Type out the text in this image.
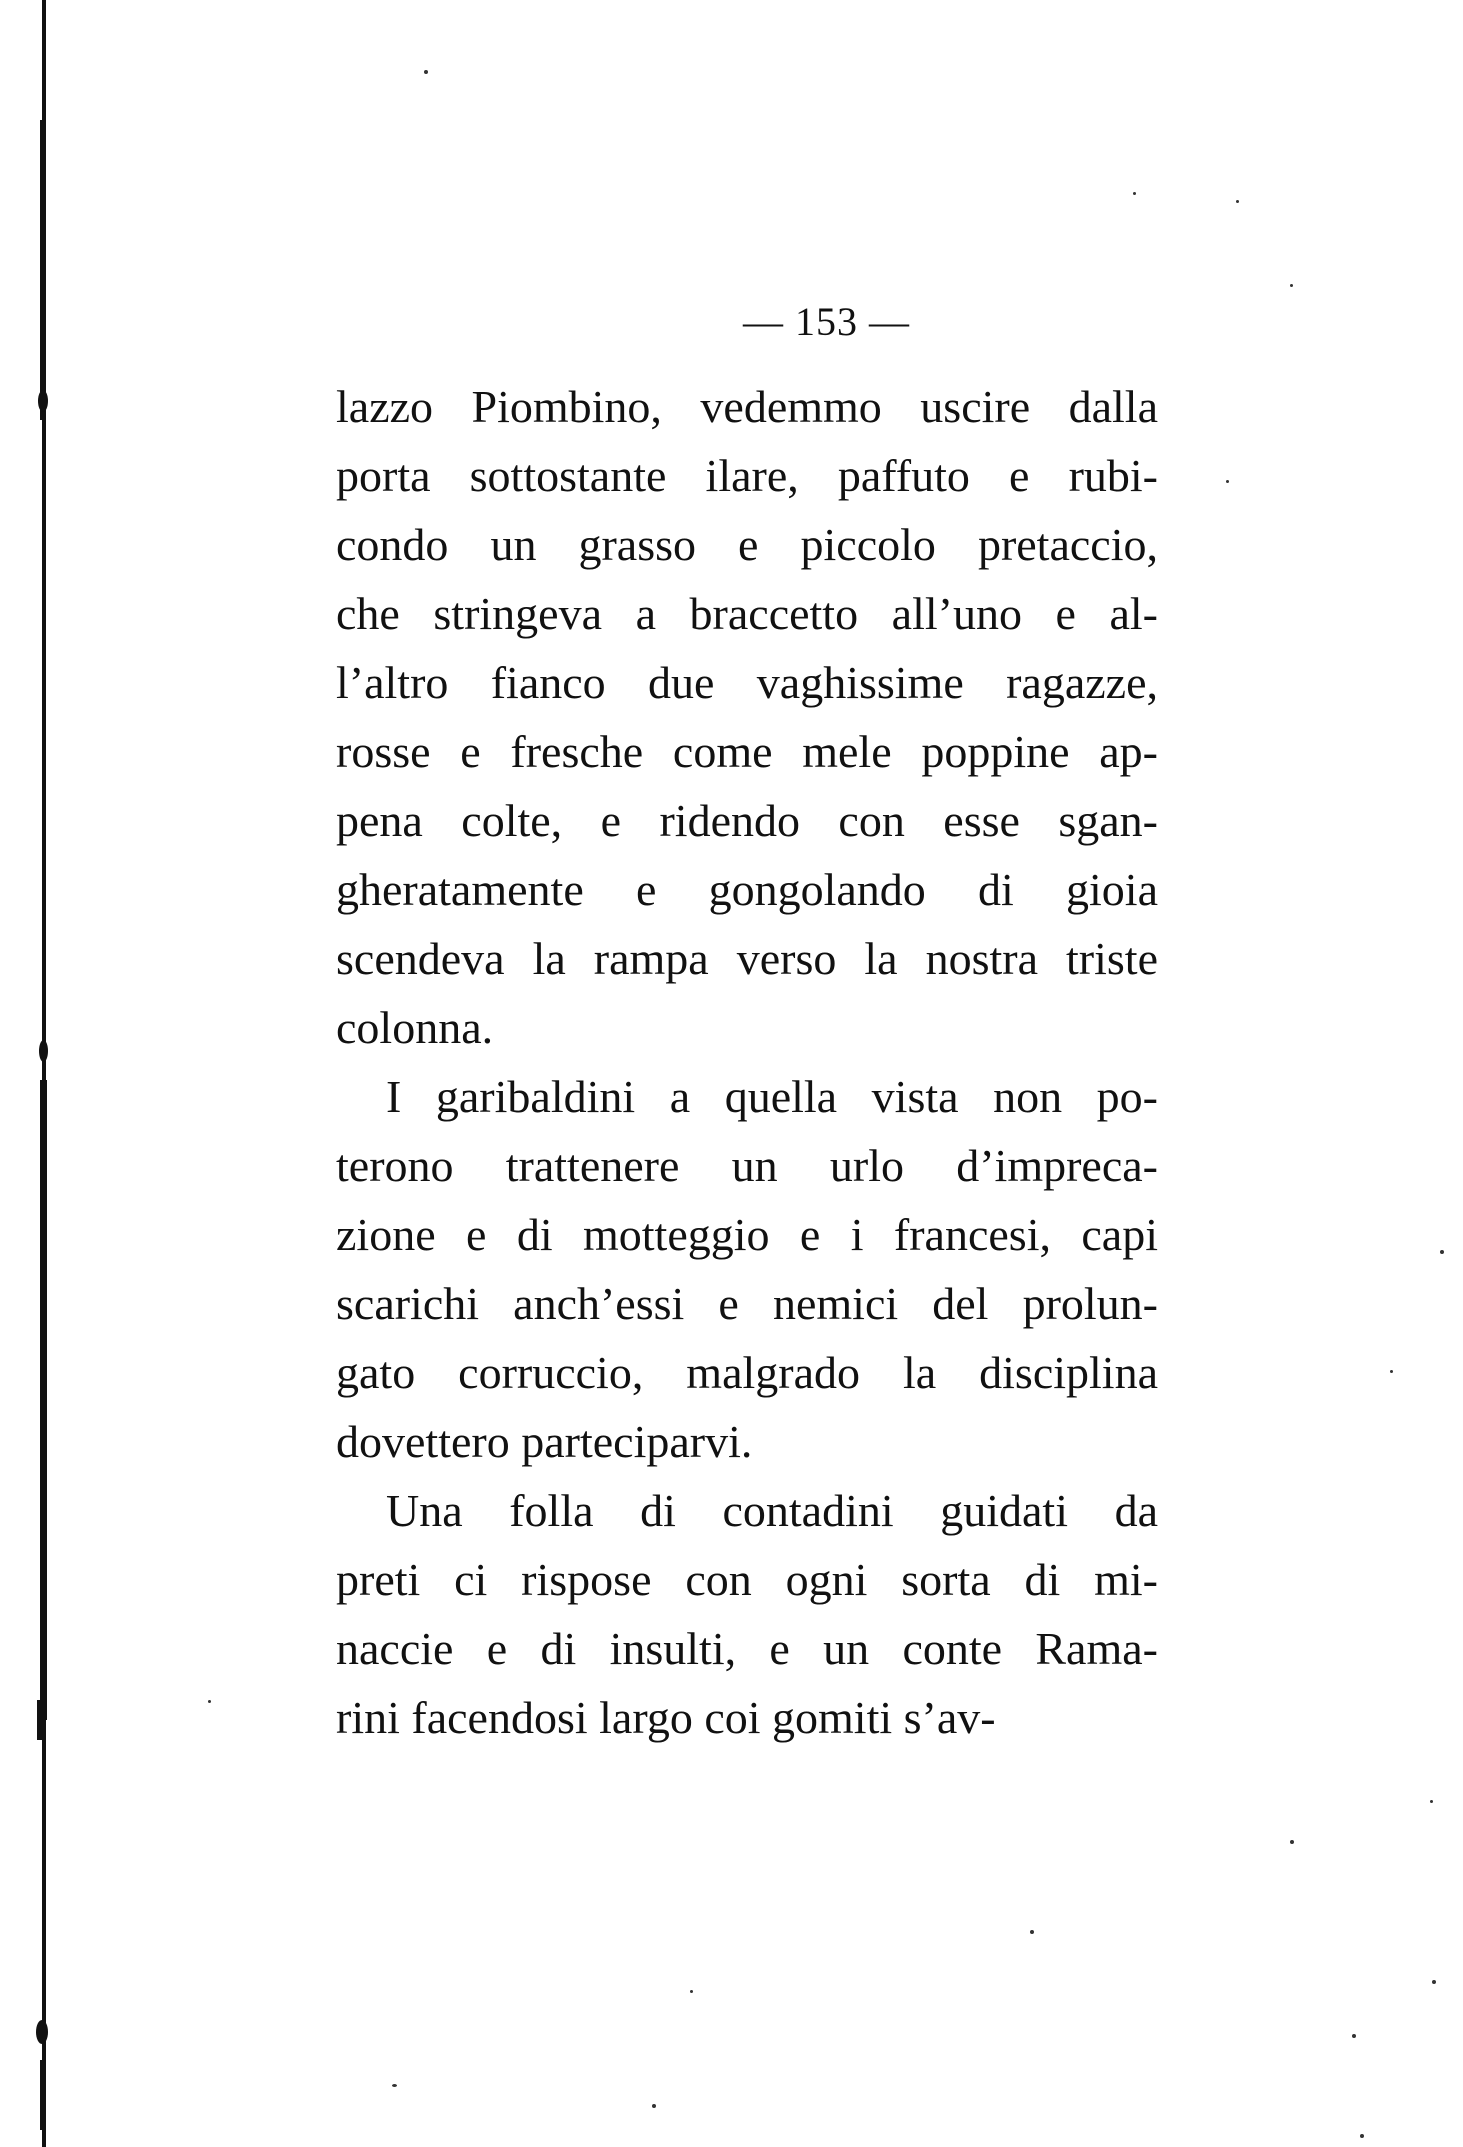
— 153 —
lazzo Piombino, vedemmo uscire dalla
porta sottostante ilare, paffuto e rubi-
condo un grasso e piccolo pretaccio,
che stringeva a braccetto all’uno e al-
l’altro fianco due vaghissime ragazze,
rosse e fresche come mele poppine ap-
pena colte, e ridendo con esse sgan-
gheratamente e gongolando di gioia
scendeva la rampa verso la nostra triste
colonna.
I garibaldini a quella vista non po-
terono trattenere un urlo d’impreca-
zione e di motteggio e i francesi, capi
scarichi anch’essi e nemici del prolun-
gato corruccio, malgrado la disciplina
dovettero parteciparvi.
Una folla di contadini guidati da
preti ci rispose con ogni sorta di mi-
naccie e di insulti, e un conte Rama-
rini facendosi largo coi gomiti s’av-
